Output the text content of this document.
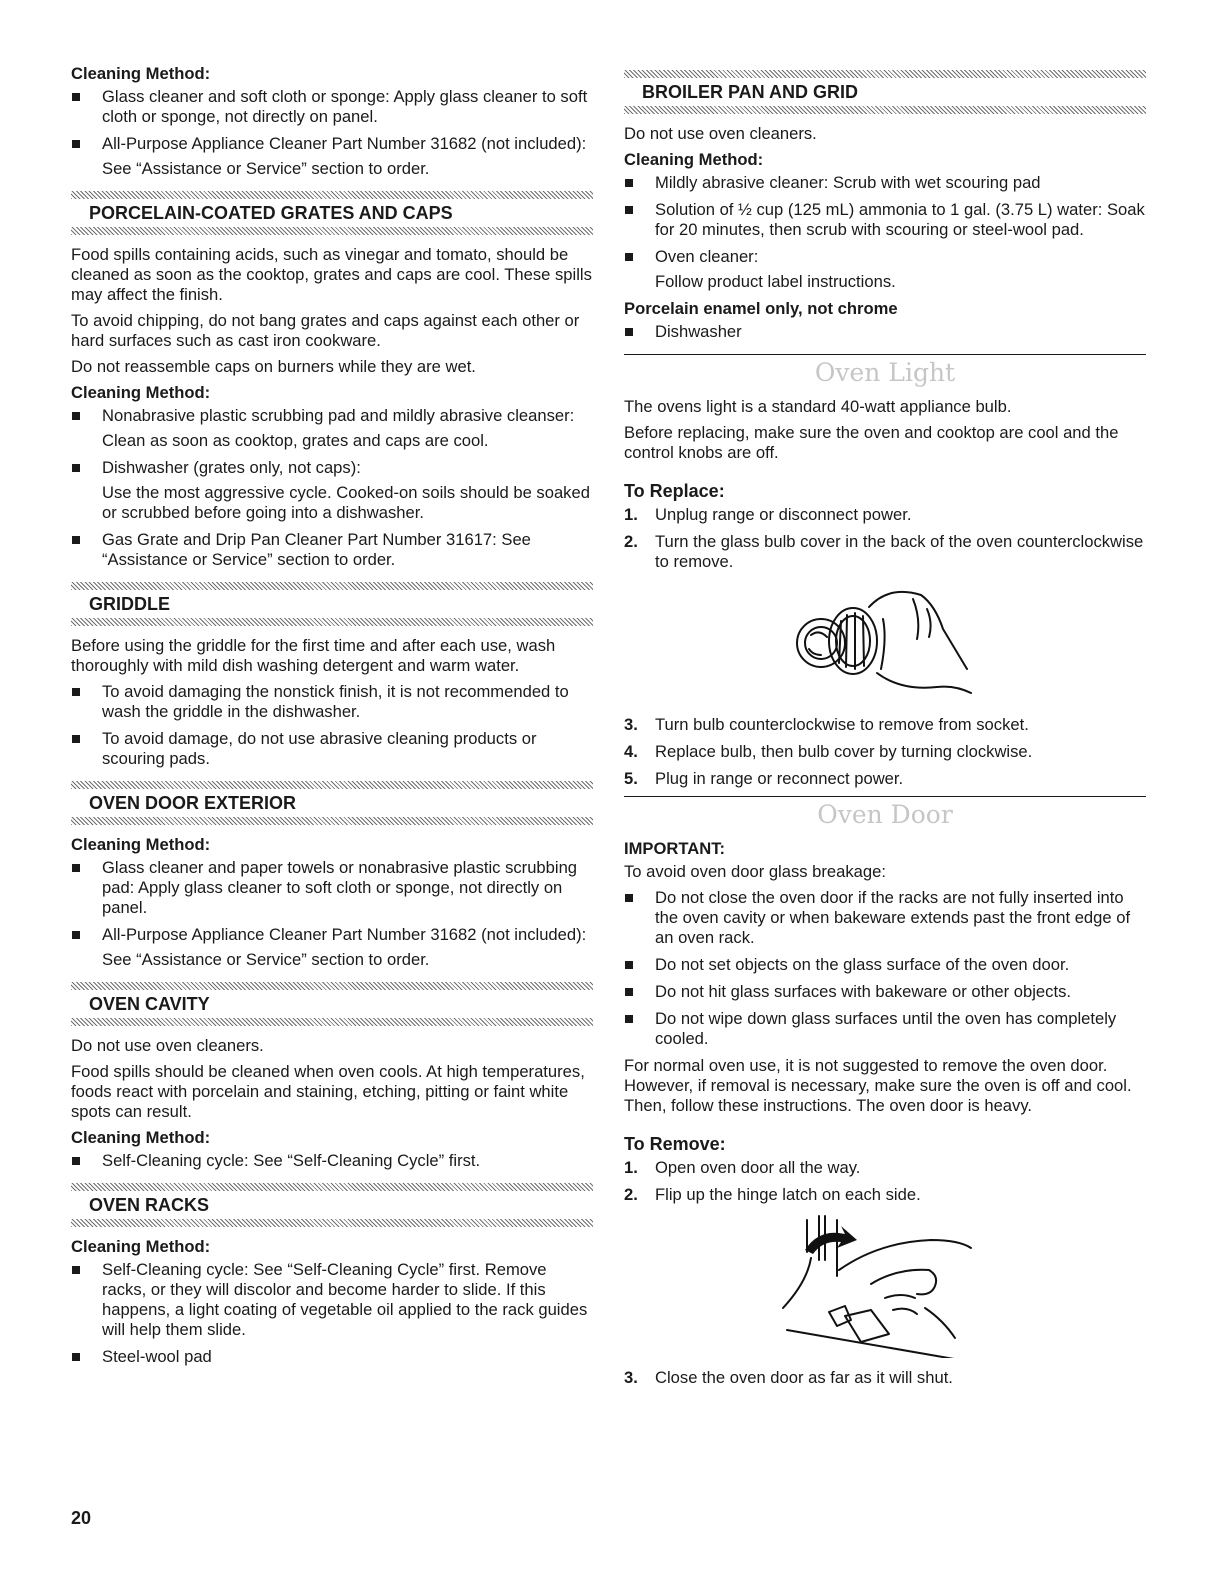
Cleaning Method:
Glass cleaner and soft cloth or sponge: Apply glass cleaner to soft cloth or sponge, not directly on panel.
All-Purpose Appliance Cleaner Part Number 31682 (not included):
See “Assistance or Service” section to order.
PORCELAIN-COATED GRATES AND CAPS

Food spills containing acids, such as vinegar and tomato, should be cleaned as soon as the cooktop, grates and caps are cool. These spills may affect the finish.

To avoid chipping, do not bang grates and caps against each other or hard surfaces such as cast iron cookware.

Do not reassemble caps on burners while they are wet.

Cleaning Method:
Nonabrasive plastic scrubbing pad and mildly abrasive cleanser:
Clean as soon as cooktop, grates and caps are cool.
Dishwasher (grates only, not caps):
Use the most aggressive cycle. Cooked-on soils should be soaked or scrubbed before going into a dishwasher.
Gas Grate and Drip Pan Cleaner Part Number 31617: See “Assistance or Service” section to order.
GRIDDLE

Before using the griddle for the first time and after each use, wash thoroughly with mild dish washing detergent and warm water.

To avoid damaging the nonstick finish, it is not recommended to wash the griddle in the dishwasher.
To avoid damage, do not use abrasive cleaning products or scouring pads.
OVEN DOOR EXTERIOR
Cleaning Method:
Glass cleaner and paper towels or nonabrasive plastic scrubbing pad: Apply glass cleaner to soft cloth or sponge, not directly on panel.
All-Purpose Appliance Cleaner Part Number 31682 (not included):
See “Assistance or Service” section to order.
OVEN CAVITY

Do not use oven cleaners.

Food spills should be cleaned when oven cools. At high temperatures, foods react with porcelain and staining, etching, pitting or faint white spots can result.

Cleaning Method:
Self-Cleaning cycle: See “Self-Cleaning Cycle” first.
OVEN RACKS
Cleaning Method:
Self-Cleaning cycle: See “Self-Cleaning Cycle” first. Remove racks, or they will discolor and become harder to slide. If this happens, a light coating of vegetable oil applied to the rack guides will help them slide.
Steel-wool pad
BROILER PAN AND GRID

Do not use oven cleaners.

Cleaning Method:
Mildly abrasive cleaner: Scrub with wet scouring pad
Solution of ½ cup (125 mL) ammonia to 1 gal. (3.75 L) water: Soak for 20 minutes, then scrub with scouring or steel-wool pad.
Oven cleaner:
Follow product label instructions.
Porcelain enamel only, not chrome
Dishwasher
Oven Light

The ovens light is a standard 40-watt appliance bulb.

Before replacing, make sure the oven and cooktop are cool and the control knobs are off.

To Replace:
1. Unplug range or disconnect power.
2. Turn the glass bulb cover in the back of the oven counterclockwise to remove.
3. Turn bulb counterclockwise to remove from socket.
4. Replace bulb, then bulb cover by turning clockwise.
5. Plug in range or reconnect power.
Oven Door
IMPORTANT:

To avoid oven door glass breakage:

Do not close the oven door if the racks are not fully inserted into the oven cavity or when bakeware extends past the front edge of an oven rack.
Do not set objects on the glass surface of the oven door.
Do not hit glass surfaces with bakeware or other objects.
Do not wipe down glass surfaces until the oven has completely cooled.

For normal oven use, it is not suggested to remove the oven door. However, if removal is necessary, make sure the oven is off and cool. Then, follow these instructions. The oven door is heavy.

To Remove:
1. Open oven door all the way.
2. Flip up the hinge latch on each side.
3. Close the oven door as far as it will shut.
20
